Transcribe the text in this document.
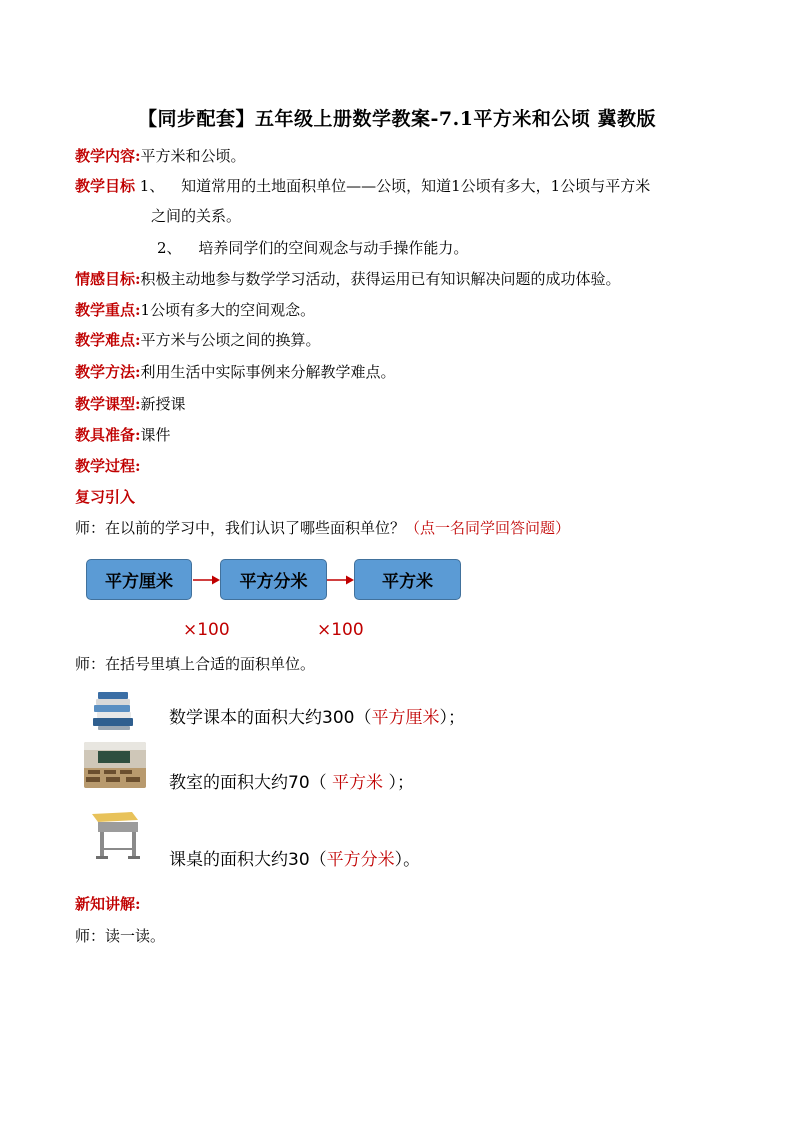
【同步配套】五年级上册数学教案-7.1平方米和公顷 冀教版
教学内容:平方米和公顷。
教学目标 1、 知道常用的土地面积单位——公顷，知道1公顷有多大，1公顷与平方米
之间的关系。
2、 培养同学们的空间观念与动手操作能力。
情感目标:积极主动地参与数学学习活动，获得运用已有知识解决问题的成功体验。
教学重点:1公顷有多大的空间观念。
教学难点:平方米与公顷之间的换算。
教学方法:利用生活中实际事例来分解教学难点。
教学课型:新授课
教具准备:课件
教学过程:
复习引入
师：在以前的学习中，我们认识了哪些面积单位？（点一名同学回答问题）
平方厘米	平方分米	平方米
×100	×100
师：在括号里填上合适的面积单位。
数学课本的面积大约300（平方厘米）；
教室的面积大约70（ 平方米 ）；
课桌的面积大约30（平方分米）。
新知讲解:
师：读一读。
